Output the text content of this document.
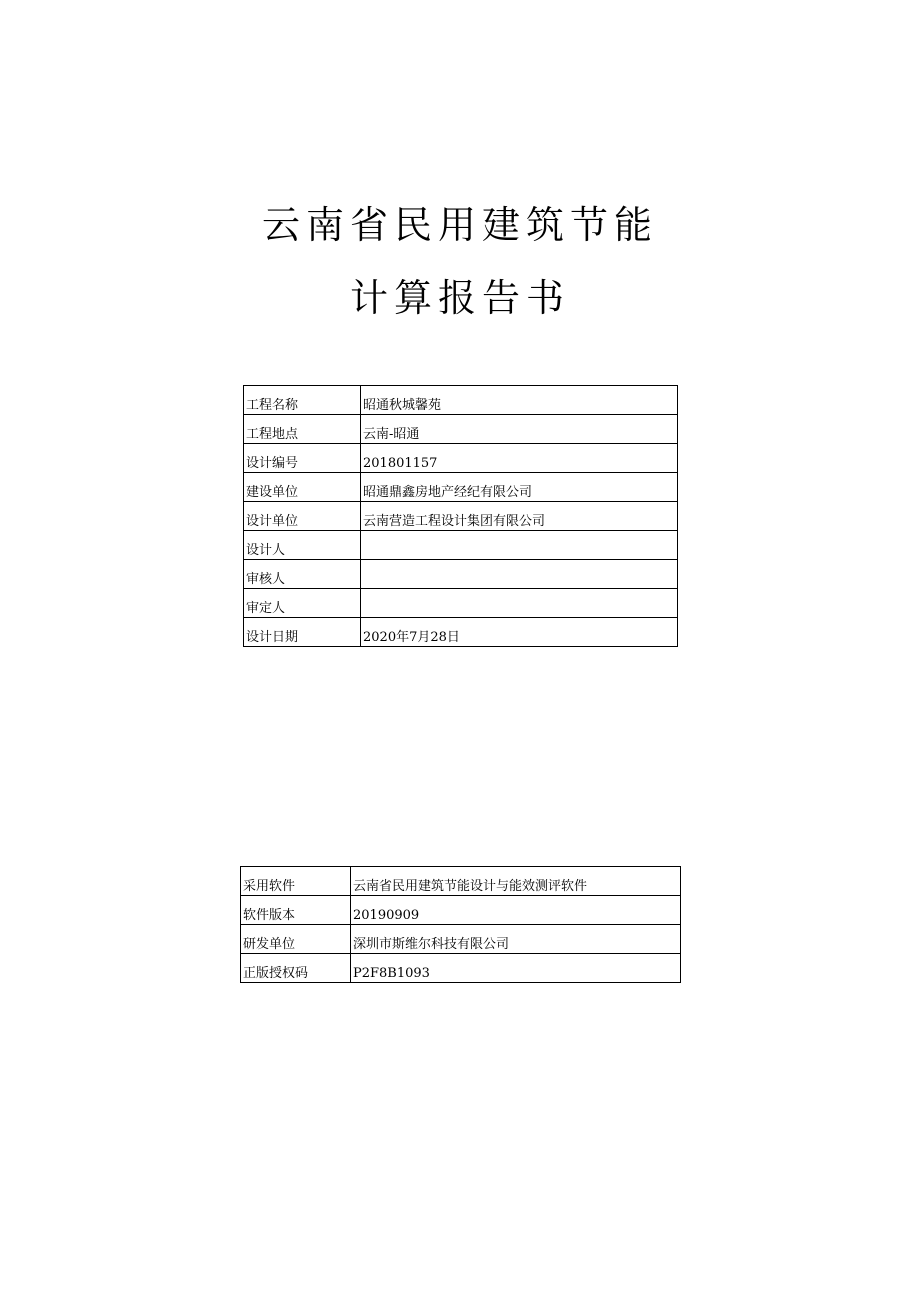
云南省民用建筑节能
计算报告书
工程名称	昭通秋城馨苑
工程地点	云南-昭通
设计编号	201801157
建设单位	昭通鼎鑫房地产经纪有限公司
设计单位	云南营造工程设计集团有限公司
设计人	
审核人	
审定人	
设计日期	2020年7月28日
采用软件	云南省民用建筑节能设计与能效测评软件
软件版本	20190909
研发单位	深圳市斯维尔科技有限公司
正版授权码	P2F8B1093
